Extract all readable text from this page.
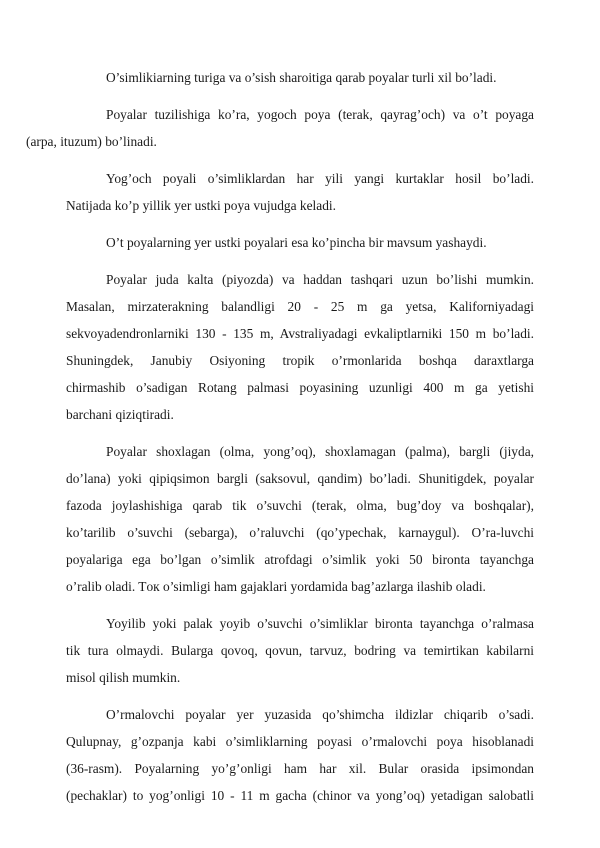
O’simlikiarning turiga va o’sish sharoitiga qarab poyalar turli xil bo’ladi.
Poyalar tuzilishiga ko’ra, yogoch poya (terak, qayrag’och) va o’t poyaga
(arpa, ituzum) bo’linadi.
Yog’och poyali o’simliklardan har yili yangi kurtaklar hosil bo’ladi.
Natijada ko’p yillik yer ustki poya vujudga keladi.
O’t poyalarning yer ustki poyalari esa ko’pincha bir mavsum yashaydi.
Poyalar juda kalta (piyozda) va haddan tashqari uzun bo’lishi mumkin.
Masalan, mirzaterakning balandligi 20 - 25 m ga yetsa, Kaliforniyadagi
sekvoyadendronlarniki 130 - 135 m, Avstraliyadagi evkaliptlarniki 150 m bo’ladi.
Shuningdek, Janubiy Osiyoning tropik o’rmonlarida boshqa daraxtlarga
chirmashib o’sadigan Rotang palmasi poyasining uzunligi 400 m ga yetishi
barchani qiziqtiradi.
Poyalar shoxlagan (olma, yong’oq), shoxlamagan (palma), bargli (jiyda,
do’lana) yoki qipiqsimon bargli (saksovul, qandim) bo’ladi. Shunitigdek, poyalar
fazoda joylashishiga qarab tik o’suvchi (terak, olma, bug’doy va boshqalar),
ko’tarilib o’suvchi (sebarga), o’raluvchi (qo’ypechak, karnaygul). O’ra-luvchi
poyalariga ega bo’lgan o’simlik atrofdagi o’simlik yoki 50 bironta tayanchga
o’ralib oladi. Tок o’simligi ham gajaklari yordamida bag’azlarga ilashib oladi.
Yoyilib yoki palak yoyib o’suvchi o’simliklar bironta tayanchga o’ralmasa
tik tura olmaydi. Bularga qovoq, qovun, tarvuz, bodring va temirtikan kabilarni
misol qilish mumkin.
O’rmalovchi poyalar yer yuzasida qo’shimcha ildizlar chiqarib o’sadi.
Qulupnay, g’ozpanja kabi o’simliklarning poyasi o’rmalovchi poya hisoblanadi
(36-rasm). Poyalarning yo’g’onligi ham har xil. Bular orasida ipsimondan
(pechaklar) to yog’onligi 10 - 11 m gacha (chinor va yong’oq) yetadigan salobatli
